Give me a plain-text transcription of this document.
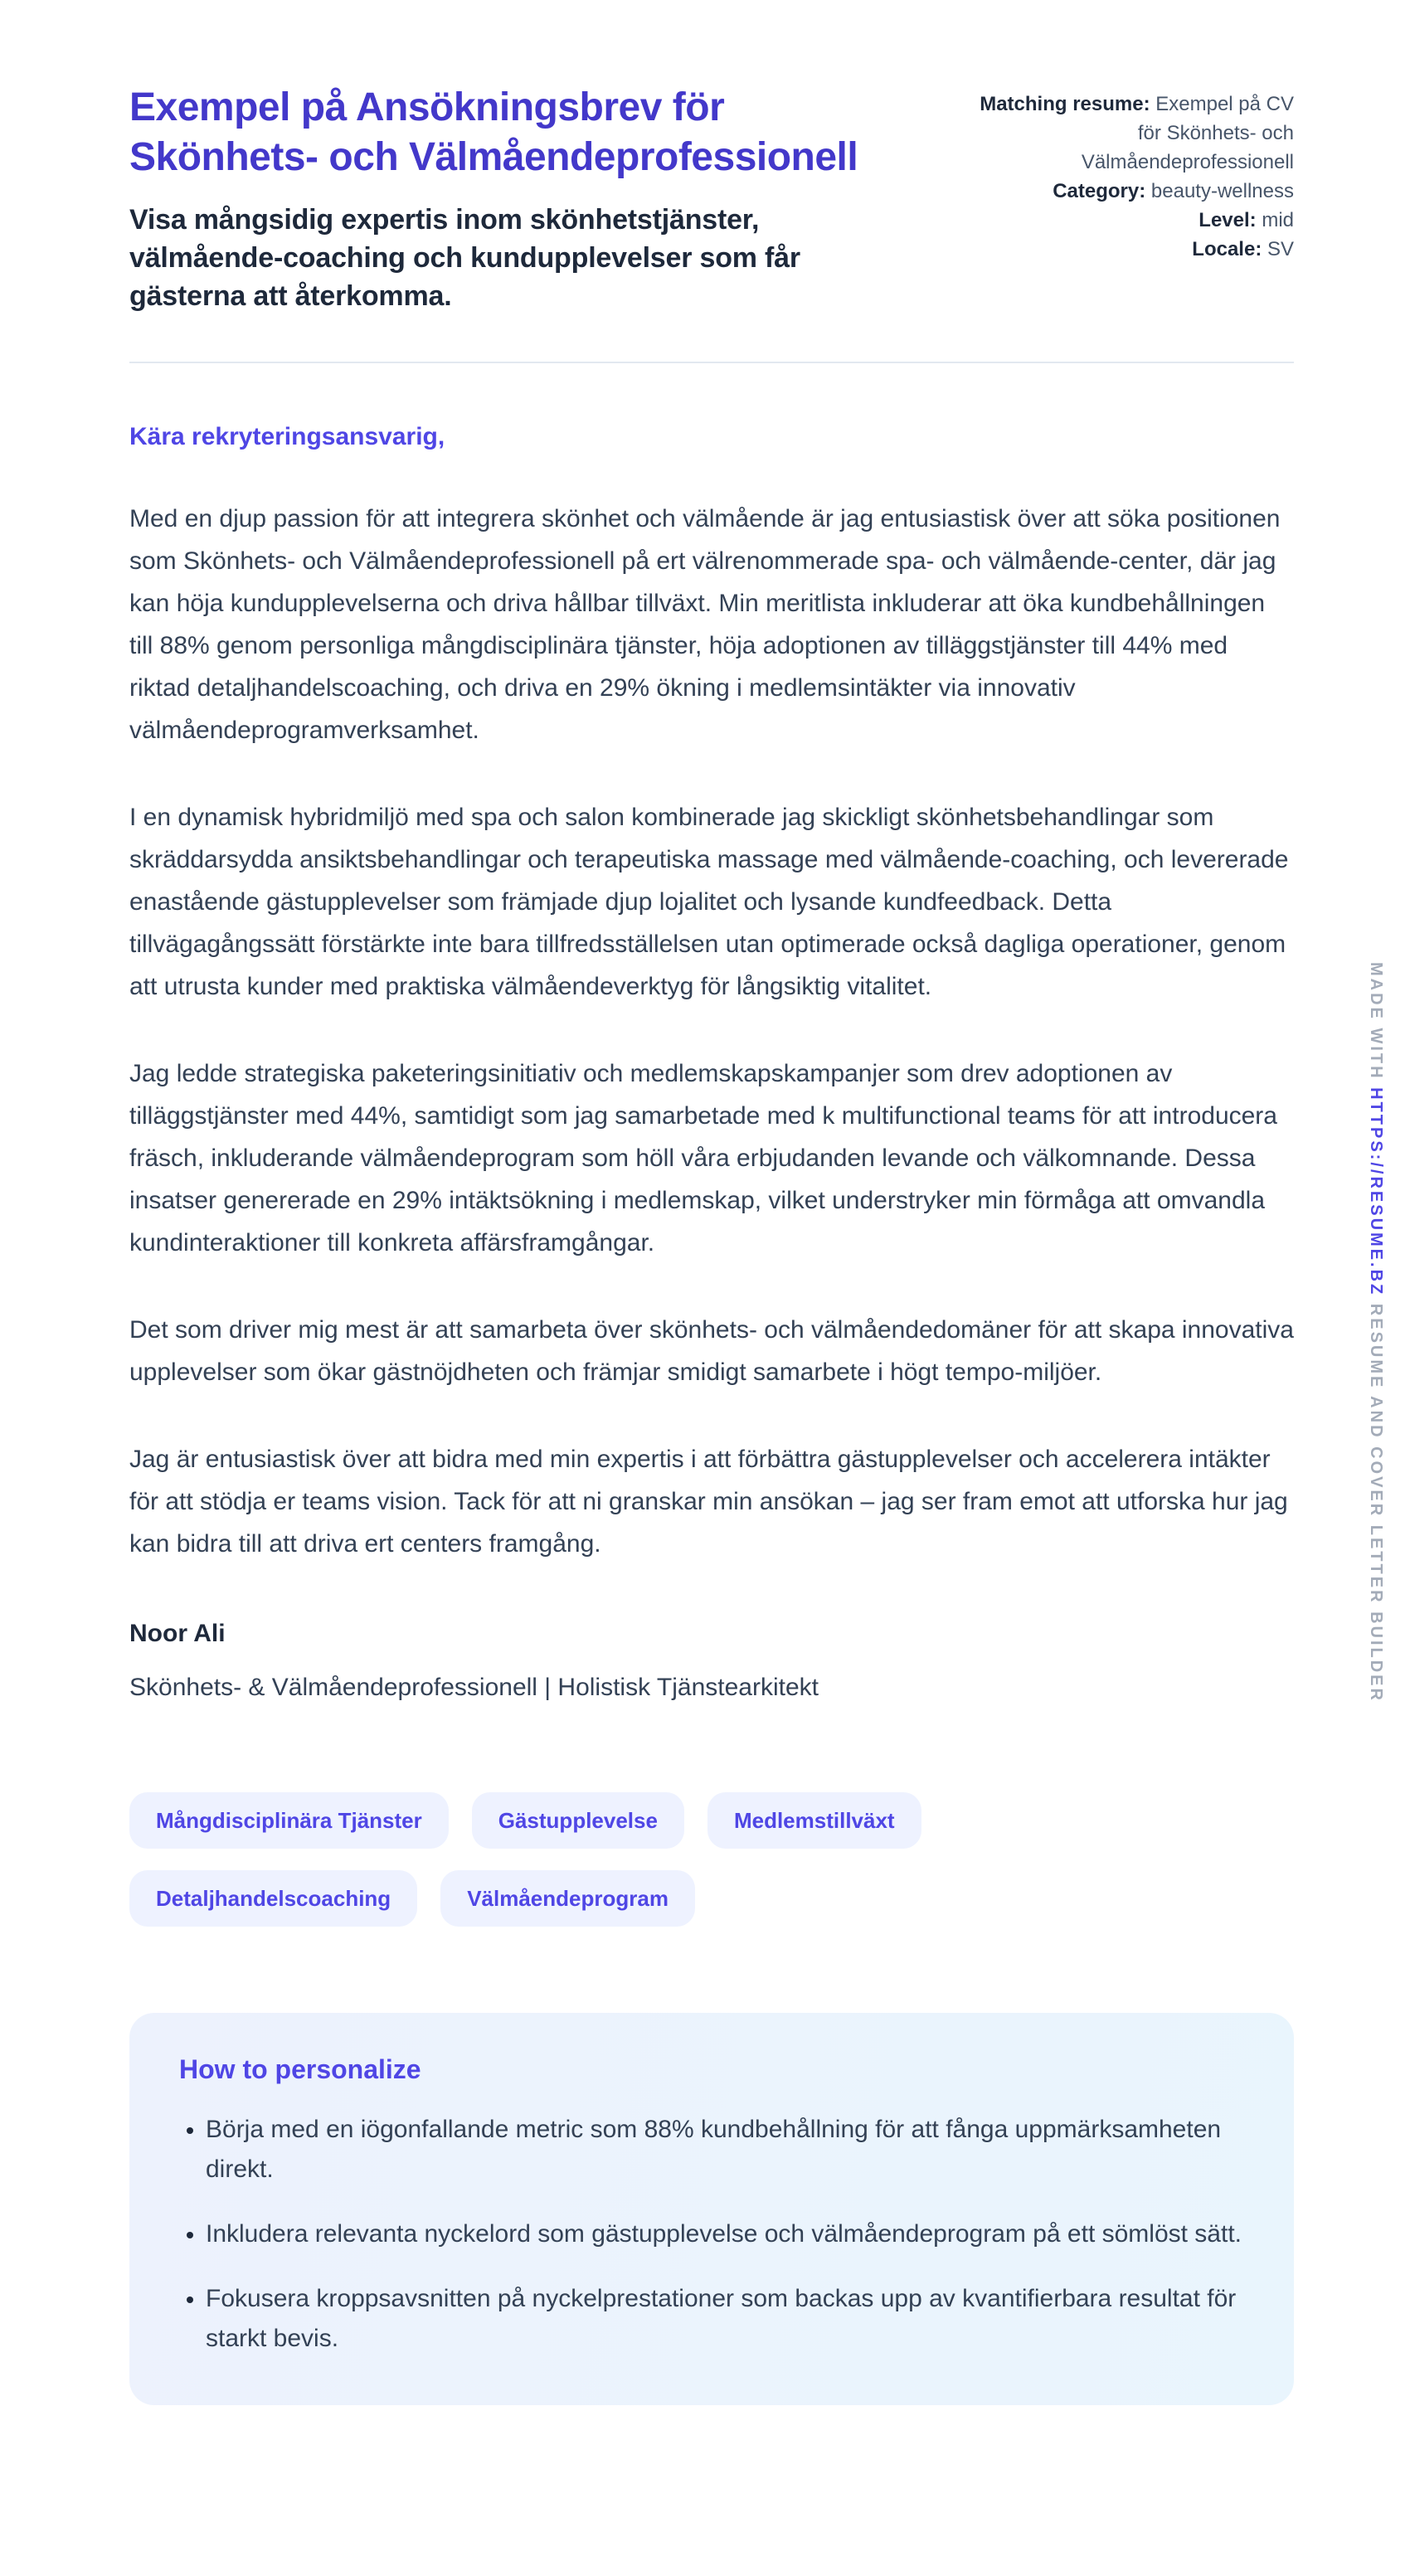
Exempel på Ansökningsbrev för Skönhets- och Välmåendeprofessionell

Visa mångsidig expertis inom skönhetstjänster, välmående-coaching och kundupplevelser som får gästerna att återkomma.

Matching resume: Exempel på CV för Skönhets- och Välmåendeprofessionell
Category: beauty-wellness
Level: mid
Locale: SV

Kära rekryteringsansvarig,

Med en djup passion för att integrera skönhet och välmående är jag entusiastisk över att söka positionen som Skönhets- och Välmåendeprofessionell på ert välrenommerade spa- och välmående-center, där jag kan höja kundupplevelserna och driva hållbar tillväxt. Min meritlista inkluderar att öka kundbehållningen till 88% genom personliga mångdisciplinära tjänster, höja adoptionen av tilläggstjänster till 44% med riktad detaljhandelscoaching, och driva en 29% ökning i medlemsintäkter via innovativ välmåendeprogramverksamhet.

I en dynamisk hybridmiljö med spa och salon kombinerade jag skickligt skönhetsbehandlingar som skräddarsydda ansiktsbehandlingar och terapeutiska massage med välmående-coaching, och levererade enastående gästupplevelser som främjade djup lojalitet och lysande kundfeedback. Detta tillvägagångssätt förstärkte inte bara tillfredsställelsen utan optimerade också dagliga operationer, genom att utrusta kunder med praktiska välmåendeverktyg för långsiktig vitalitet.

Jag ledde strategiska paketeringsinitiativ och medlemskapskampanjer som drev adoptionen av tilläggstjänster med 44%, samtidigt som jag samarbetade med k multifunctional teams för att introducera fräsch, inkluderande välmåendeprogram som höll våra erbjudanden levande och välkomnande. Dessa insatser genererade en 29% intäktsökning i medlemskap, vilket understryker min förmåga att omvandla kundinteraktioner till konkreta affärsframgångar.

Det som driver mig mest är att samarbeta över skönhets- och välmåendedomäner för att skapa innovativa upplevelser som ökar gästnöjdheten och främjar smidigt samarbete i högt tempo-miljöer.

Jag är entusiastisk över att bidra med min expertis i att förbättra gästupplevelser och accelerera intäkter för att stödja er teams vision. Tack för att ni granskar min ansökan – jag ser fram emot att utforska hur jag kan bidra till att driva ert centers framgång.

Noor Ali

Skönhets- & Välmåendeprofessionell | Holistisk Tjänstearkitekt

Mångdisciplinära Tjänster	Gästupplevelse	Medlemstillväxt
Detaljhandelscoaching	Välmåendeprogram
How to personalize
• Börja med en iögonfallande metric som 88% kundbehållning för att fånga uppmärksamheten direkt.
• Inkludera relevanta nyckelord som gästupplevelse och välmåendeprogram på ett sömlöst sätt.
• Fokusera kroppsavsnitten på nyckelprestationer som backas upp av kvantifierbara resultat för starkt bevis.
MADE WITH HTTPS://RESUME.BZ RESUME AND COVER LETTER BUILDER
